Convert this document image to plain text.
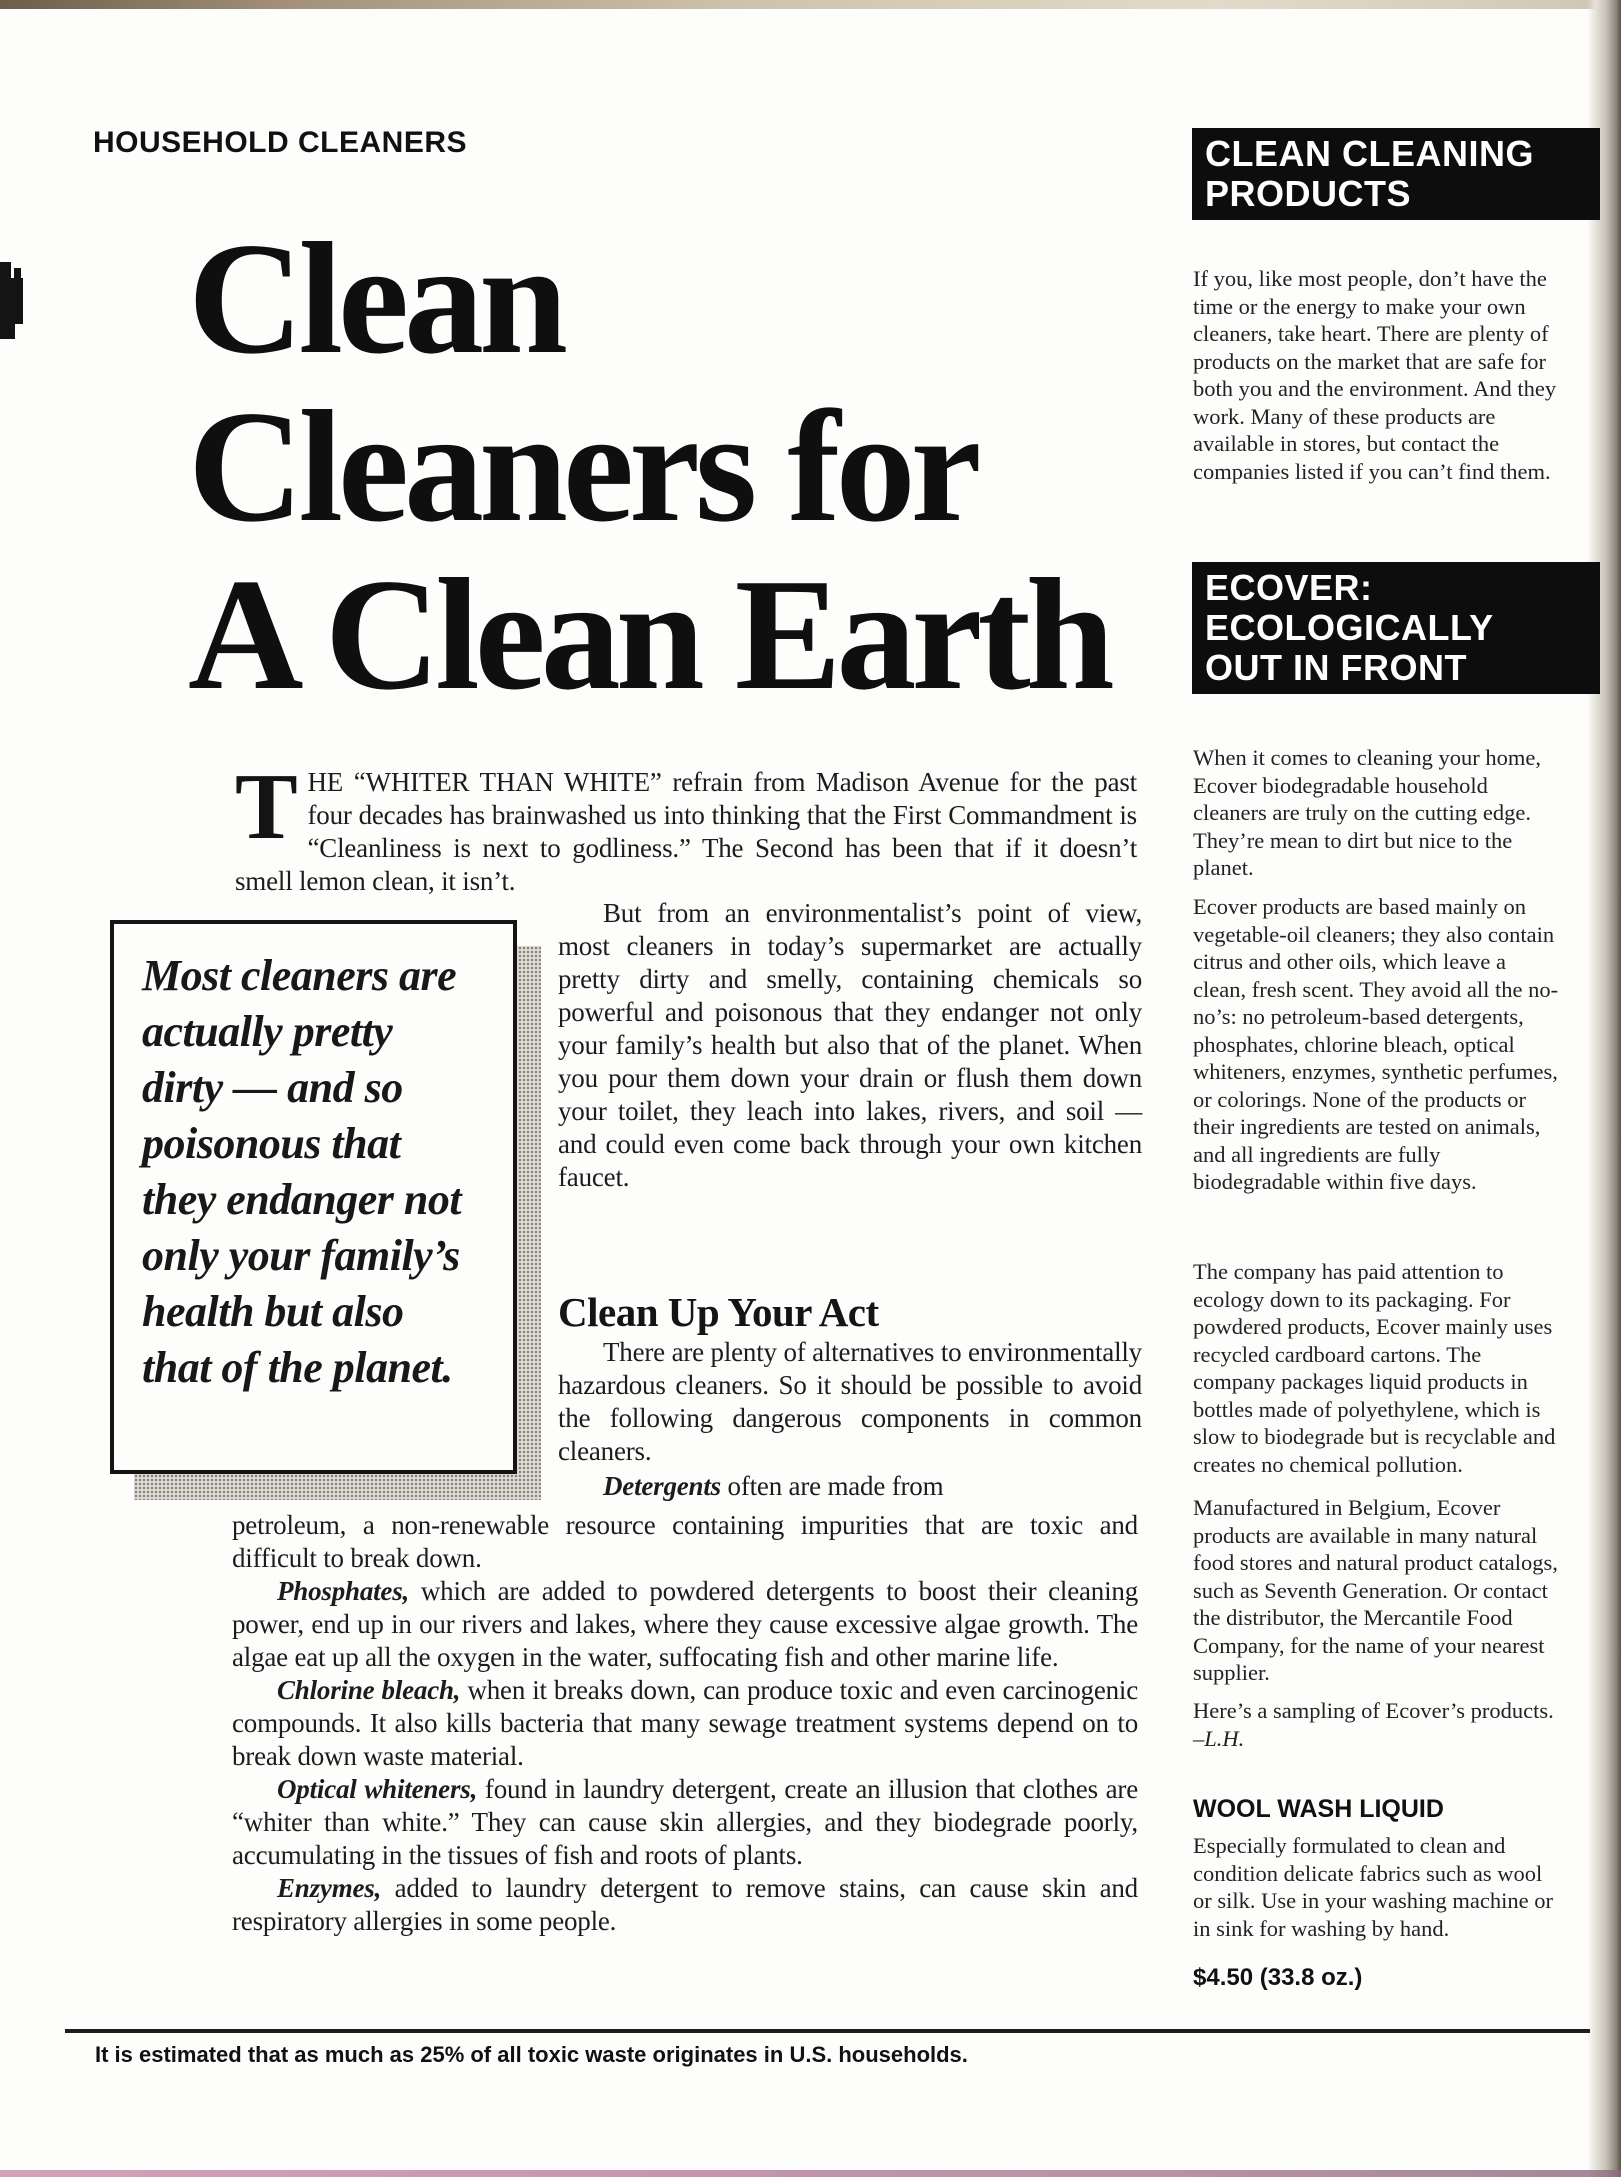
HOUSEHOLD CLEANERS
Clean
Cleaners for
A Clean Earth
THE “WHITER THAN WHITE” refrain from Madison Avenue for the past four decades has brainwashed us into thinking that the First Commandment is “Cleanliness is next to godliness.” The Second has been that if it doesn’t smell lemon clean, it isn’t.
Most cleaners are actually pretty dirty — and so poisonous that they endanger not only your family’s health but also that of the planet.
But from an environmentalist’s point of view, most cleaners in today’s supermarket are actually pretty dirty and smelly, containing chemicals so powerful and poisonous that they endanger not only your family’s health but also that of the planet. When you pour them down your drain or flush them down your toilet, they leach into lakes, rivers, and soil — and could even come back through your own kitchen faucet.
Clean Up Your Act
There are plenty of alternatives to environmentally hazardous cleaners. So it should be possible to avoid the following dangerous components in common cleaners.
Detergents often are made from

petroleum, a non-renewable resource containing impurities that are toxic and difficult to break down.

Phosphates, which are added to powdered detergents to boost their cleaning power, end up in our rivers and lakes, where they cause excessive algae growth. The algae eat up all the oxygen in the water, suffocating fish and other marine life.

Chlorine bleach, when it breaks down, can produce toxic and even carcinogenic compounds. It also kills bacteria that many sewage treatment systems depend on to break down waste material.

Optical whiteners, found in laundry detergent, create an illusion that clothes are “whiter than white.” They can cause skin allergies, and they biodegrade poorly, accumulating in the tissues of fish and roots of plants.

Enzymes, added to laundry detergent to remove stains, can cause skin and respiratory allergies in some people.

CLEAN CLEANING
PRODUCTS
If you, like most people, don’t have the time or the energy to make your own cleaners, take heart. There are plenty of products on the market that are safe for both you and the environment. And they work. Many of these products are available in stores, but contact the companies listed if you can’t find them.
ECOVER:
ECOLOGICALLY
OUT IN FRONT
When it comes to cleaning your home, Ecover biodegradable household cleaners are truly on the cutting edge. They’re mean to dirt but nice to the planet.
Ecover products are based mainly on vegetable-oil cleaners; they also contain citrus and other oils, which leave a clean, fresh scent. They avoid all the no-no’s: no petroleum-based detergents, phosphates, chlorine bleach, optical whiteners, enzymes, synthetic perfumes, or colorings. None of the products or their ingredients are tested on animals, and all ingredients are fully biodegradable within five days.
The company has paid attention to ecology down to its packaging. For powdered products, Ecover mainly uses recycled cardboard cartons. The company packages liquid products in bottles made of polyethylene, which is slow to biodegrade but is recyclable and creates no chemical pollution.
Manufactured in Belgium, Ecover products are available in many natural food stores and natural product catalogs, such as Seventh Generation. Or contact the distributor, the Mercantile Food Company, for the name of your nearest supplier.
Here’s a sampling of Ecover’s products. –L.H.
WOOL WASH LIQUID
Especially formulated to clean and condition delicate fabrics such as wool or silk. Use in your washing machine or in sink for washing by hand.
$4.50 (33.8 oz.)
It is estimated that as much as 25% of all toxic waste originates in U.S. households.
